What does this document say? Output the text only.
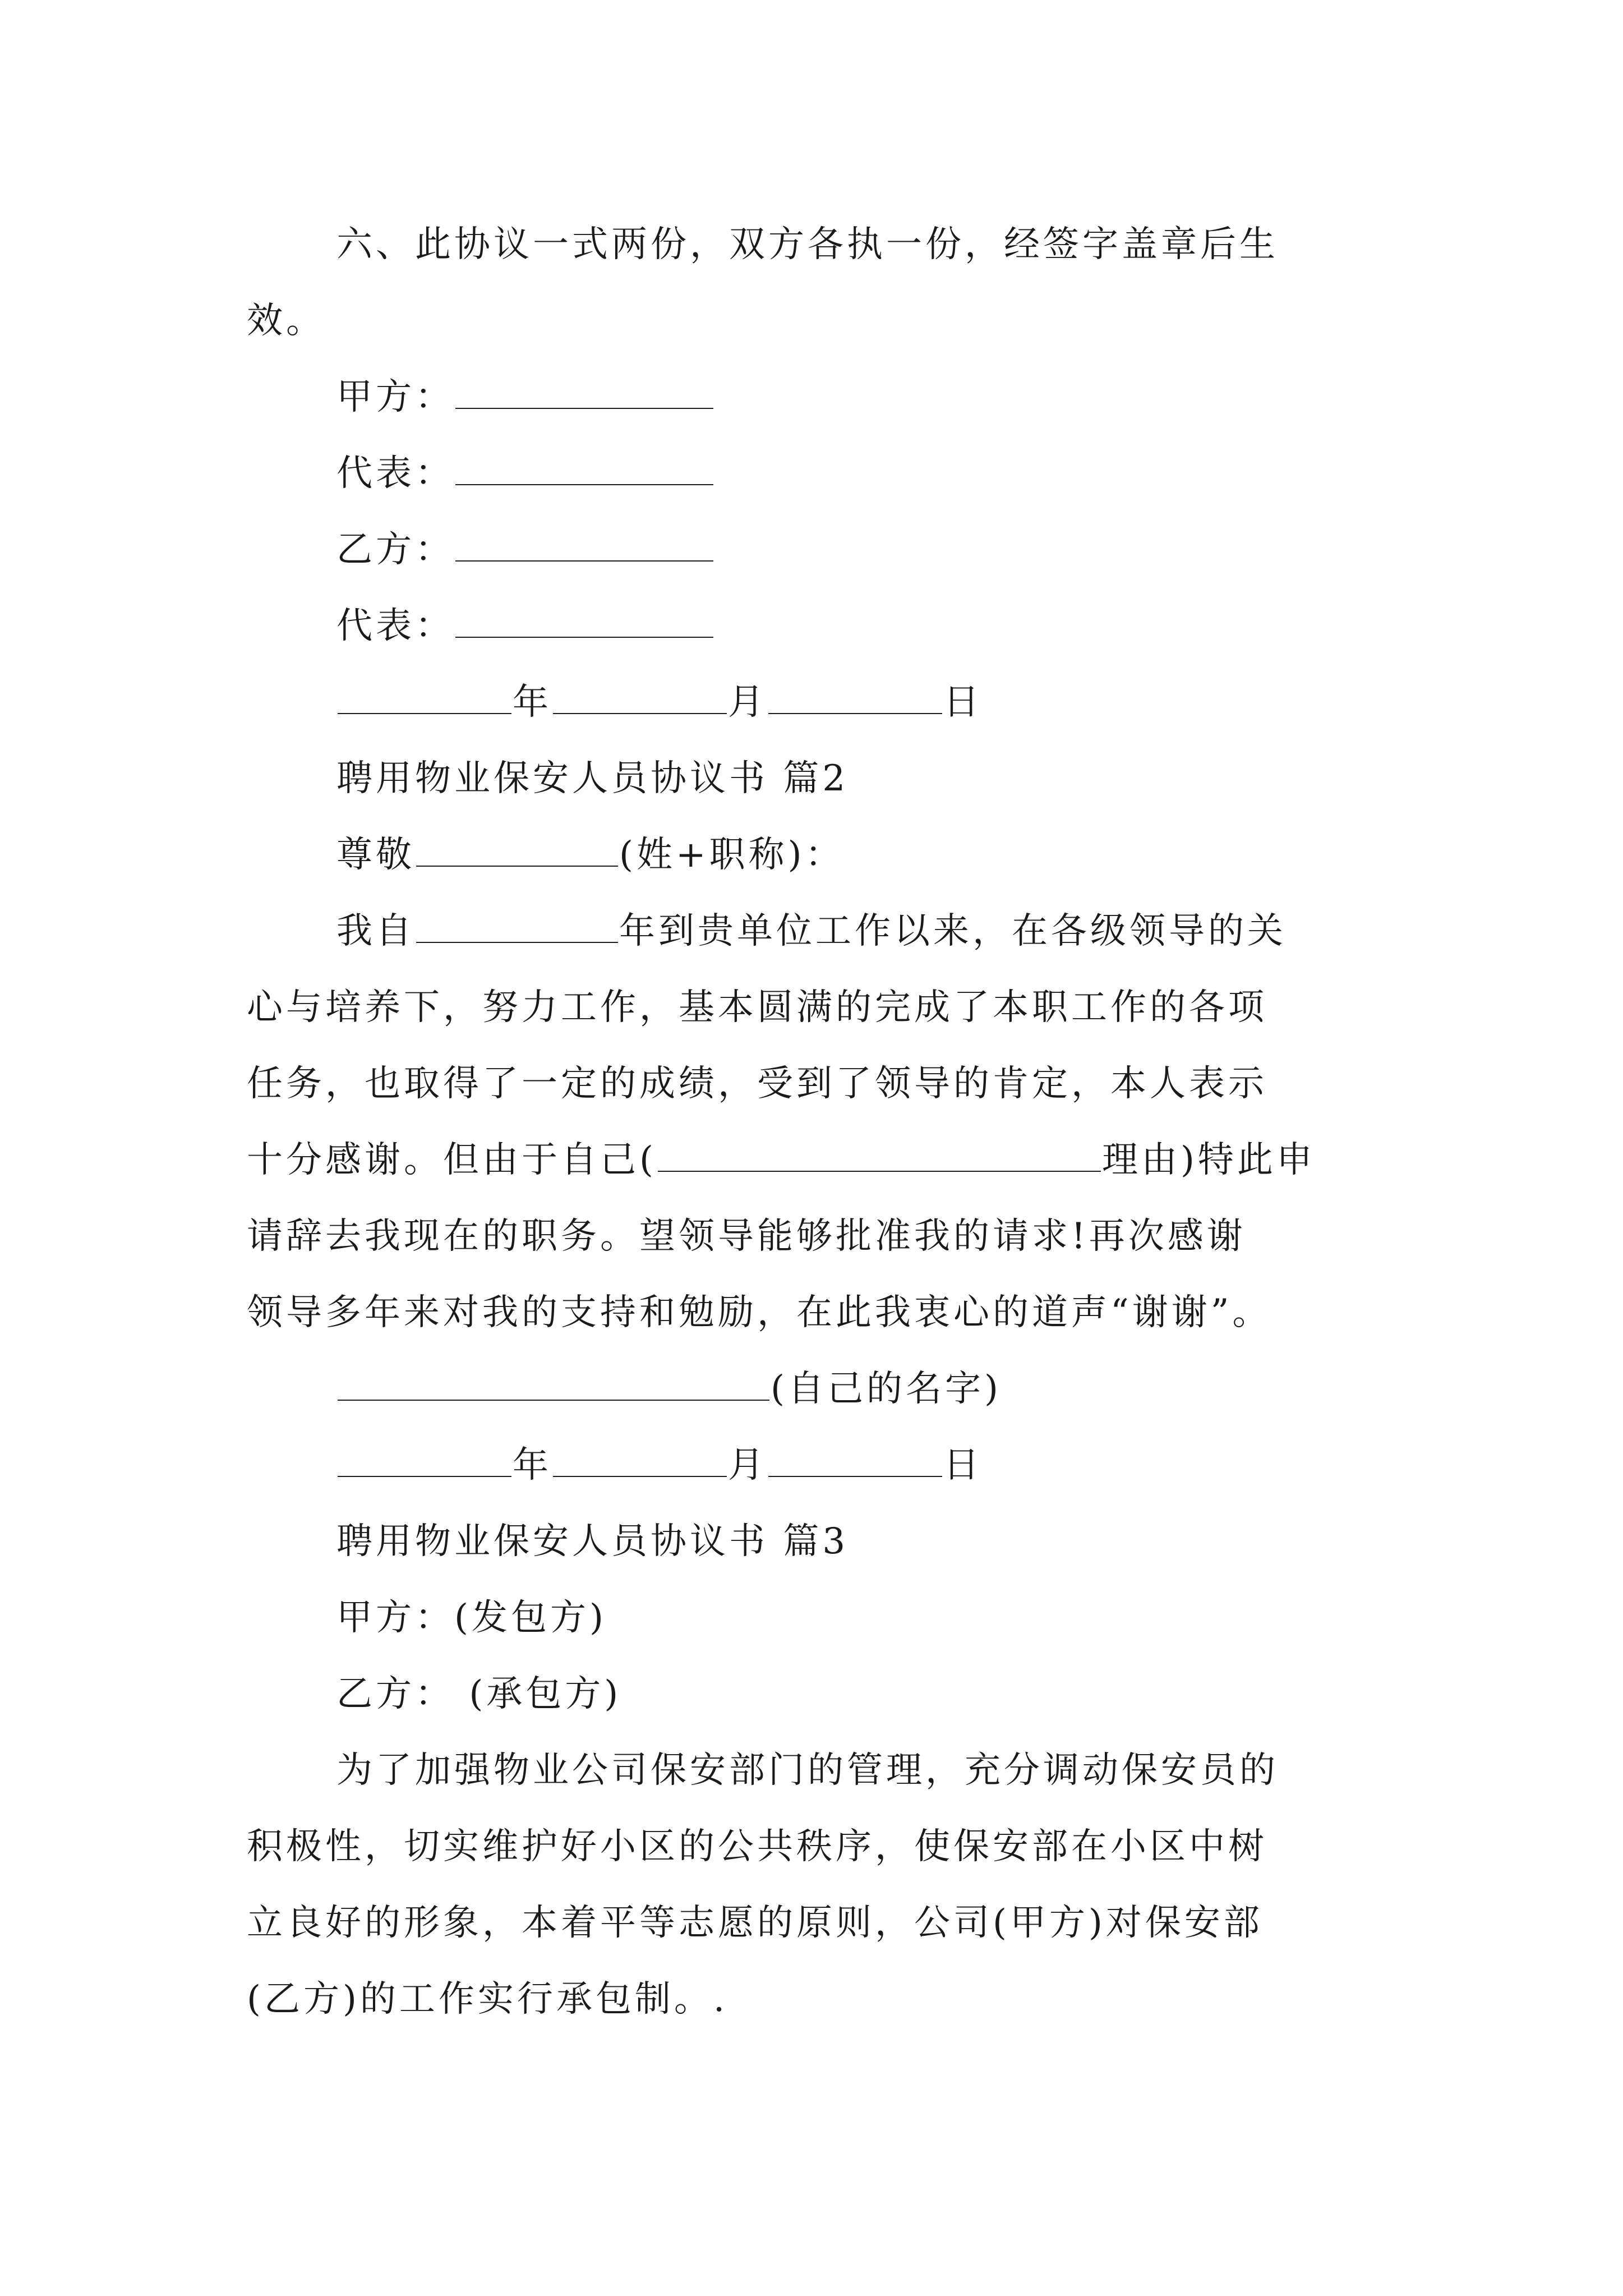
六、此协议一式两份，双方各执一份，经签字盖章后生
效。
甲方：
代表：
乙方：
代表：
年	月	日
聘用物业保安人员协议书 篇2
尊敬	(姓+职称)：
我自	年到贵单位工作以来，在各级领导的关
心与培养下，努力工作，基本圆满的完成了本职工作的各项
任务，也取得了一定的成绩，受到了领导的肯定，本人表示
十分感谢。但由于自己(	理由)特此申
请辞去我现在的职务。望领导能够批准我的请求!再次感谢
领导多年来对我的支持和勉励，在此我衷心的道声“谢谢”。
(自己的名字)
年	月	日
聘用物业保安人员协议书 篇3
甲方：(发包方)
乙方： (承包方)
为了加强物业公司保安部门的管理，充分调动保安员的
积极性，切实维护好小区的公共秩序，使保安部在小区中树
立良好的形象，本着平等志愿的原则，公司(甲方)对保安部
(乙方)的工作实行承包制。.
